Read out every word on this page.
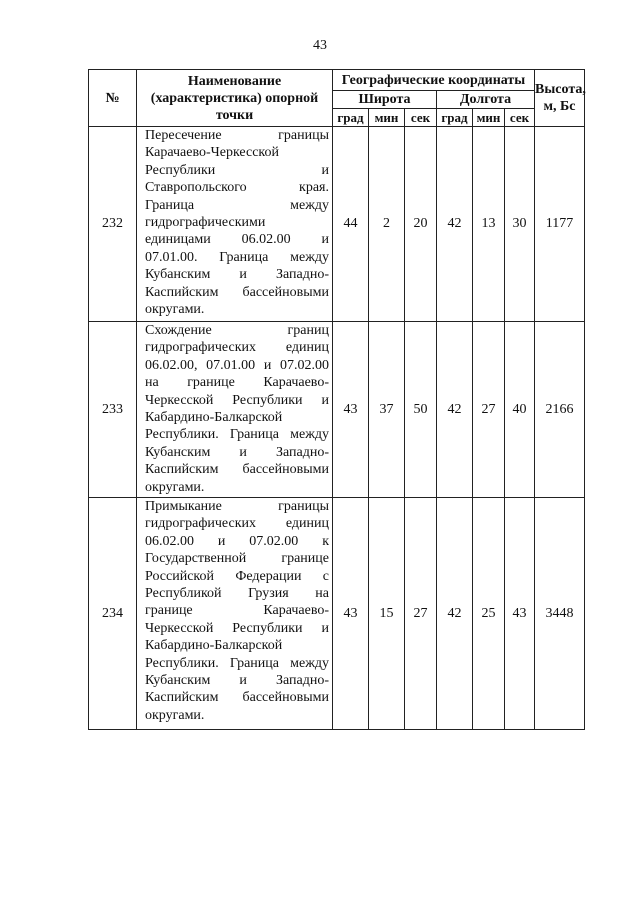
43
№	Наименование (характеристика) опорной точки	Географические координаты						Высота, м, Бс
		Широта			Долгота			
		град	мин	сек	град	мин	сек	
232	Пересечение границы Карачаево-Черкесской Республики и Ставропольского края. Граница между гидрографическими единицами 06.02.00 и 07.01.00. Граница между Кубанским и Западно-Каспийским бассейновыми округами.	44	2	20	42	13	30	1177
233	Схождение границ гидрографических единиц 06.02.00, 07.01.00 и 07.02.00 на границе Карачаево-Черкесской Республики и Кабардино-Балкарской Республики. Граница между Кубанским и Западно-Каспийским бассейновыми округами.	43	37	50	42	27	40	2166
234	Примыкание границы гидрографических единиц 06.02.00 и 07.02.00 к Государственной границе Российской Федерации с Республикой Грузия на границе Карачаево-Черкесской Республики и Кабардино-Балкарской Республики. Граница между Кубанским и Западно-Каспийским бассейновыми округами.	43	15	27	42	25	43	3448
